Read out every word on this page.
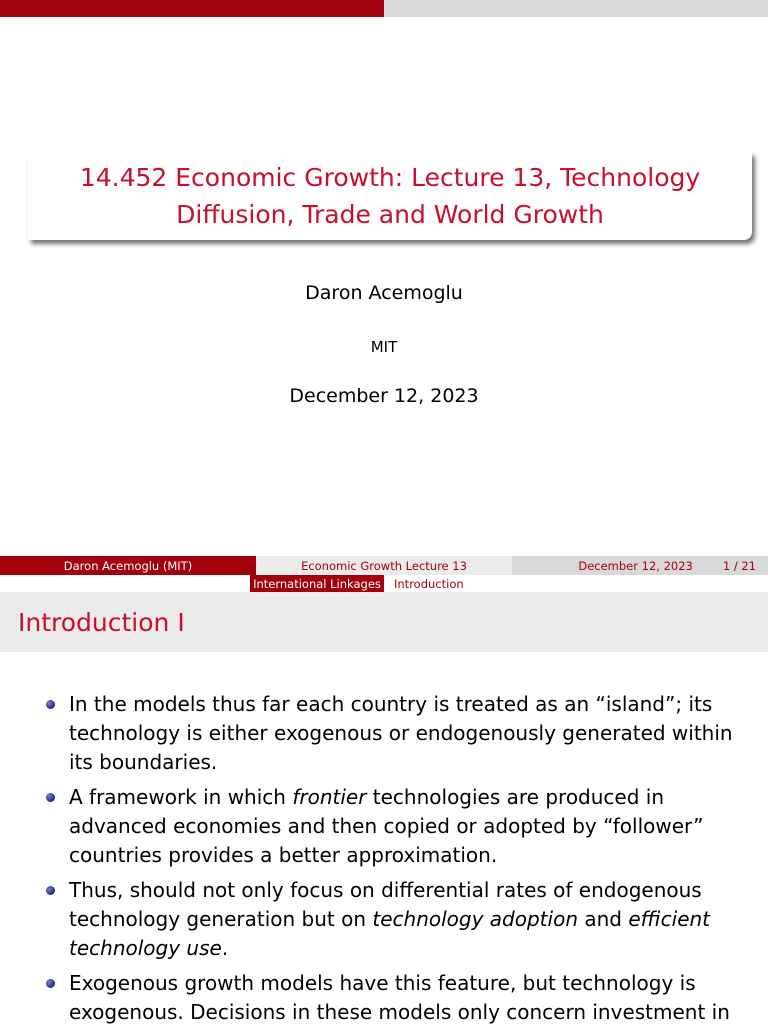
14.452 Economic Growth: Lecture 13, Technology
Diffusion, Trade and World Growth
Daron Acemoglu
MIT
December 12, 2023
Daron Acemoglu (MIT)	Economic Growth Lecture 13	December 12, 2023	1 / 21
International Linkages	Introduction
Introduction I
In the models thus far each country is treated as an “island”; its technology is either exogenous or endogenously generated within its boundaries.
A framework in which frontier technologies are produced in advanced economies and then copied or adopted by “follower” countries provides a better approximation.
Thus, should not only focus on differential rates of endogenous technology generation but on technology adoption and efficient technology use.
Exogenous growth models have this feature, but technology is exogenous. Decisions in these models only concern investment in
